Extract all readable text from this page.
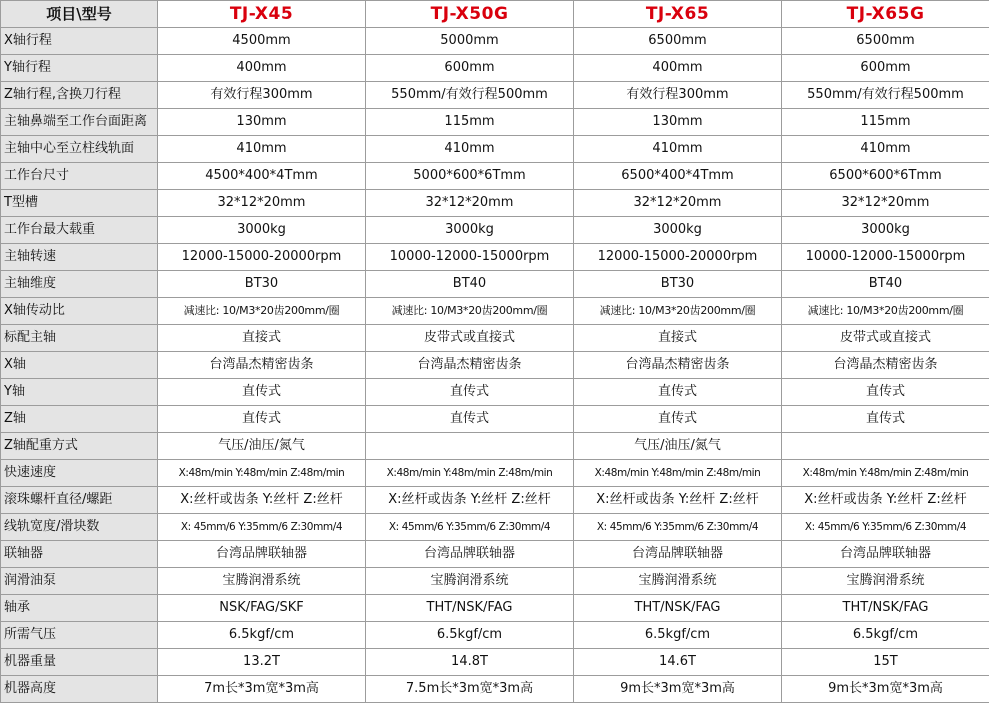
项目\型号	TJ-X45	TJ-X50G	TJ-X65	TJ-X65G
X轴行程	4500mm	5000mm	6500mm	6500mm
Y轴行程	400mm	600mm	400mm	600mm
Z轴行程,含换刀行程	有效行程300mm	550mm/有效行程500mm	有效行程300mm	550mm/有效行程500mm
主轴鼻端至工作台面距离	130mm	115mm	130mm	115mm
主轴中心至立柱线轨面	410mm	410mm	410mm	410mm
工作台尺寸	4500*400*4Tmm	5000*600*6Tmm	6500*400*4Tmm	6500*600*6Tmm
T型槽	32*12*20mm	32*12*20mm	32*12*20mm	32*12*20mm
工作台最大载重	3000kg	3000kg	3000kg	3000kg
主轴转速	12000-15000-20000rpm	10000-12000-15000rpm	12000-15000-20000rpm	10000-12000-15000rpm
主轴维度	BT30	BT40	BT30	BT40
X轴传动比	减速比: 10/M3*20齿200mm/圈	减速比: 10/M3*20齿200mm/圈	减速比: 10/M3*20齿200mm/圈	减速比: 10/M3*20齿200mm/圈
标配主轴	直接式	皮带式或直接式	直接式	皮带式或直接式
X轴	台湾晶杰精密齿条	台湾晶杰精密齿条	台湾晶杰精密齿条	台湾晶杰精密齿条
Y轴	直传式	直传式	直传式	直传式
Z轴	直传式	直传式	直传式	直传式
Z轴配重方式	气压/油压/氮气		气压/油压/氮气	
快速速度	X:48m/min Y:48m/min Z:48m/min	X:48m/min Y:48m/min Z:48m/min	X:48m/min Y:48m/min Z:48m/min	X:48m/min Y:48m/min Z:48m/min
滚珠螺杆直径/螺距	X:丝杆或齿条 Y:丝杆 Z:丝杆	X:丝杆或齿条 Y:丝杆 Z:丝杆	X:丝杆或齿条 Y:丝杆 Z:丝杆	X:丝杆或齿条 Y:丝杆 Z:丝杆
线轨宽度/滑块数	X: 45mm/6 Y:35mm/6 Z:30mm/4	X: 45mm/6 Y:35mm/6 Z:30mm/4	X: 45mm/6 Y:35mm/6 Z:30mm/4	X: 45mm/6 Y:35mm/6 Z:30mm/4
联轴器	台湾品牌联轴器	台湾品牌联轴器	台湾品牌联轴器	台湾品牌联轴器
润滑油泵	宝腾润滑系统	宝腾润滑系统	宝腾润滑系统	宝腾润滑系统
轴承	NSK/FAG/SKF	THT/NSK/FAG	THT/NSK/FAG	THT/NSK/FAG
所需气压	6.5kgf/cm	6.5kgf/cm	6.5kgf/cm	6.5kgf/cm
机器重量	13.2T	14.8T	14.6T	15T
机器高度	7m长*3m宽*3m高	7.5m长*3m宽*3m高	9m长*3m宽*3m高	9m长*3m宽*3m高
